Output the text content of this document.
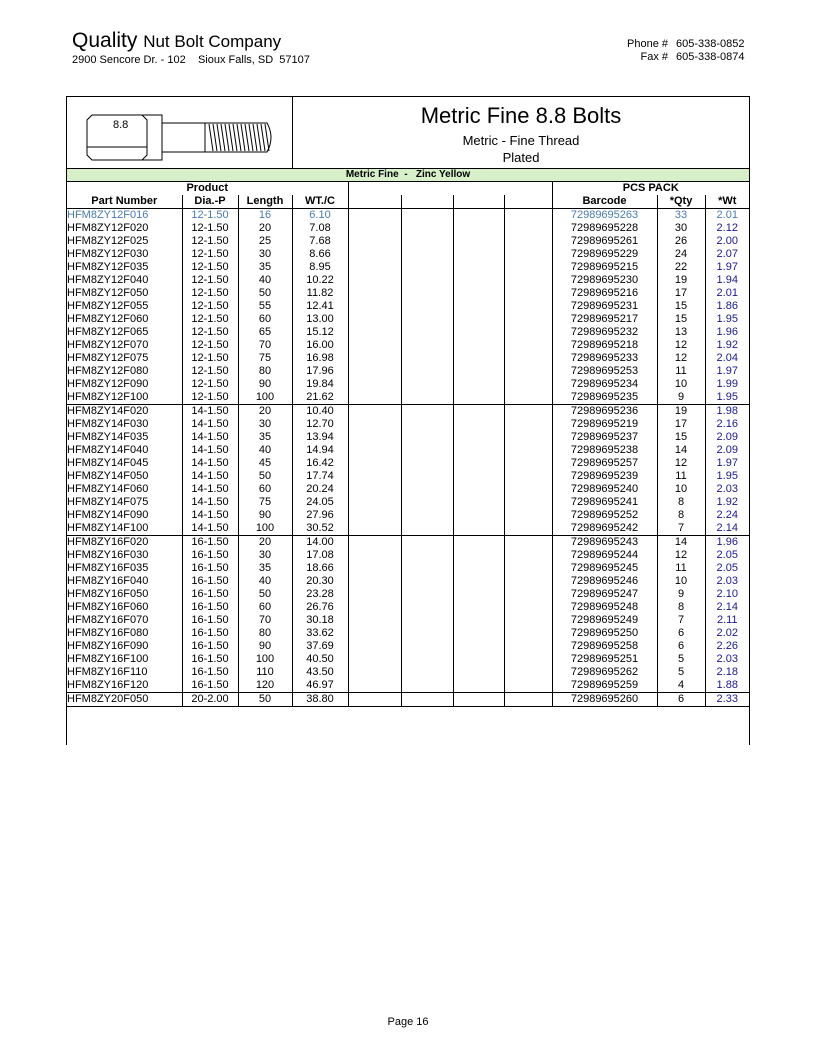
Quality Nut Bolt Company
2900 Sencore Dr. - 102    Sioux Falls, SD  57107
Phone # 605-338-0852
Fax # 605-338-0874
8.8	Metric Fine 8.8 Bolts
Metric - Fine Thread
Plated
Metric Fine  -   Zinc Yellow
Product								PCS PACK		
Part Number	Dia.-P	Length	WT./C					Barcode	*Qty	*Wt
HFM8ZY12F016	12-1.50	16	6.10					72989695263	33	2.01
HFM8ZY12F020	12-1.50	20	7.08					72989695228	30	2.12
HFM8ZY12F025	12-1.50	25	7.68					72989695261	26	2.00
HFM8ZY12F030	12-1.50	30	8.66					72989695229	24	2.07
HFM8ZY12F035	12-1.50	35	8.95					72989695215	22	1.97
HFM8ZY12F040	12-1.50	40	10.22					72989695230	19	1.94
HFM8ZY12F050	12-1.50	50	11.82					72989695216	17	2.01
HFM8ZY12F055	12-1.50	55	12.41					72989695231	15	1.86
HFM8ZY12F060	12-1.50	60	13.00					72989695217	15	1.95
HFM8ZY12F065	12-1.50	65	15.12					72989695232	13	1.96
HFM8ZY12F070	12-1.50	70	16.00					72989695218	12	1.92
HFM8ZY12F075	12-1.50	75	16.98					72989695233	12	2.04
HFM8ZY12F080	12-1.50	80	17.96					72989695253	11	1.97
HFM8ZY12F090	12-1.50	90	19.84					72989695234	10	1.99
HFM8ZY12F100	12-1.50	100	21.62					72989695235	9	1.95
HFM8ZY14F020	14-1.50	20	10.40					72989695236	19	1.98
HFM8ZY14F030	14-1.50	30	12.70					72989695219	17	2.16
HFM8ZY14F035	14-1.50	35	13.94					72989695237	15	2.09
HFM8ZY14F040	14-1.50	40	14.94					72989695238	14	2.09
HFM8ZY14F045	14-1.50	45	16.42					72989695257	12	1.97
HFM8ZY14F050	14-1.50	50	17.74					72989695239	11	1.95
HFM8ZY14F060	14-1.50	60	20.24					72989695240	10	2.03
HFM8ZY14F075	14-1.50	75	24.05					72989695241	8	1.92
HFM8ZY14F090	14-1.50	90	27.96					72989695252	8	2.24
HFM8ZY14F100	14-1.50	100	30.52					72989695242	7	2.14
HFM8ZY16F020	16-1.50	20	14.00					72989695243	14	1.96
HFM8ZY16F030	16-1.50	30	17.08					72989695244	12	2.05
HFM8ZY16F035	16-1.50	35	18.66					72989695245	11	2.05
HFM8ZY16F040	16-1.50	40	20.30					72989695246	10	2.03
HFM8ZY16F050	16-1.50	50	23.28					72989695247	9	2.10
HFM8ZY16F060	16-1.50	60	26.76					72989695248	8	2.14
HFM8ZY16F070	16-1.50	70	30.18					72989695249	7	2.11
HFM8ZY16F080	16-1.50	80	33.62					72989695250	6	2.02
HFM8ZY16F090	16-1.50	90	37.69					72989695258	6	2.26
HFM8ZY16F100	16-1.50	100	40.50					72989695251	5	2.03
HFM8ZY16F110	16-1.50	110	43.50					72989695262	5	2.18
HFM8ZY16F120	16-1.50	120	46.97					72989695259	4	1.88
HFM8ZY20F050	20-2.00	50	38.80					72989695260	6	2.33
Page 16
